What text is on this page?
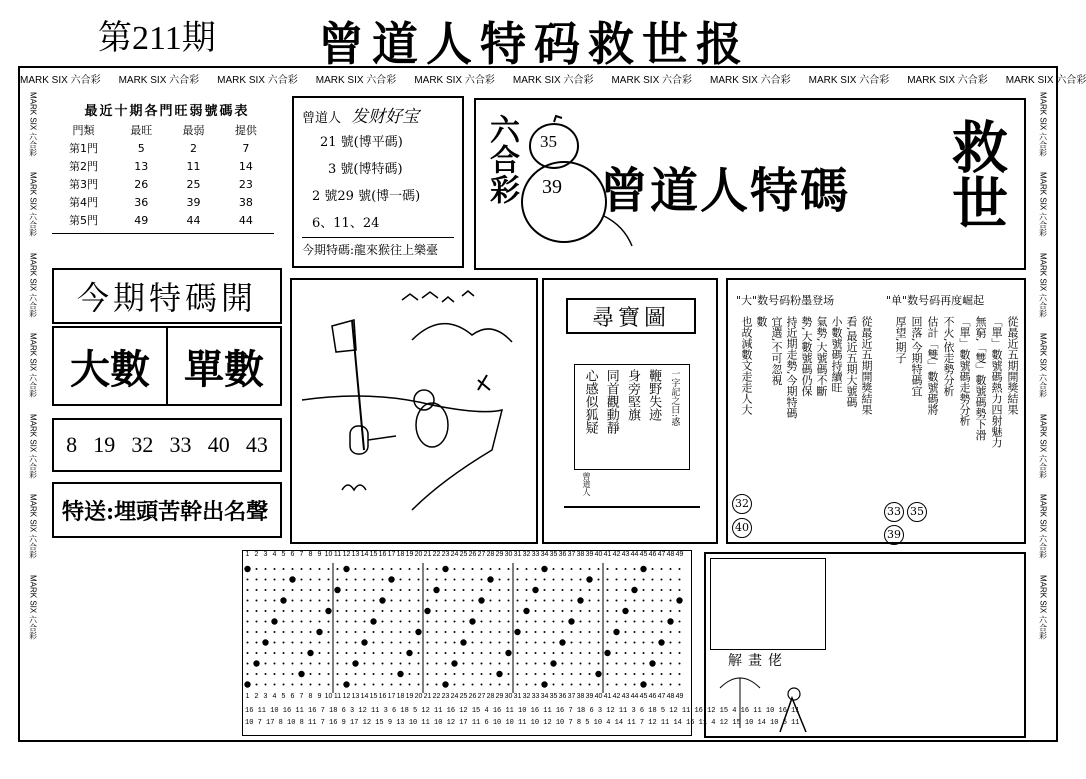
第211期 曾道人特码救世报
MARK SIX 六合彩 MARK SIX 六合彩 MARK SIX 六合彩 MARK SIX 六合彩 MARK SIX 六合彩 MARK SIX 六合彩 MARK SIX 六合彩 MARK SIX 六合彩 MARK SIX 六合彩 MARK SIX 六合彩 MARK SIX 六合彩
MARK SIX 六合彩
MARK SIX 六合彩
MARK SIX 六合彩
MARK SIX 六合彩
MARK SIX 六合彩
MARK SIX 六合彩
MARK SIX 六合彩
MARK SIX 六合彩
MARK SIX 六合彩
MARK SIX 六合彩
MARK SIX 六合彩
MARK SIX 六合彩
MARK SIX 六合彩
MARK SIX 六合彩
最近十期各門旺弱號碼表
門類	最旺	最弱	提供
第1門	5	2	7
第2門	13	11	14
第3門	26	25	23
第4門	36	39	38
第5門	49	44	44
曾道人 发财好宝
21 號(博平碼)
3 號(博特碼)
2 號29 號(博一碼)
6、11、24
今期特碼:龍來猴往上樂臺
六合彩 35
39 曾道人特碼 救世
今期特碼開
大數 單數
8 19 32 33 40 43
特送:埋頭苦幹出名聲
尋寶圖
一字記之曰:惑
鞭野失迹
身旁堅旗
同首觀動靜
心感似狐疑
曾道人
"大"数号码粉墨登场	"单"数号码再度崛起
從最近五期開獎結果
看,最近五期大號碼
小數號碼持續旺
氣勢,大號碼不斷
勢,大數號碼仍保
持近期走勢,今期特碼
宜選,不可忽視
數
也故減數文走走人大	從最近五期開獎結果
「單」數號碼熱力四射魅力
無窮,「雙」數號碼勢下滑
「單」數號碼走勢分析
不火,依走勢分析
估計「雙」數號碼將
回落,今期特碼宜
厚望,期子
32
40
33 35
39
1 2 3 4 5 6 7 8 9 10 11 12 13 14 15 16 17 18 19 20 21 22 23 24 25 26 27 28 29 30 31 32 33 34 35 36 37 38 39 40 41 42 43 44 45 46 47 48 49
1 2 3 4 5 6 7 8 9 10 11 12 13 14 15 16 17 18 19 20 21 22 23 24 25 26 27 28 29 30 31 32 33 34 35 36 37 38 39 40 41 42 43 44 45 46 47 48 49
16 11 10 16 11 16 7 18 6 3 12 11 3 6 18 5 12 11 16 12 15 4 16 11 10 16 11 16 7 18 6 3 12 11 3 6 18 5 12 11 16 12 15 4 16 11 10 16 11
10 7 17 8 10 8 11 7 16 9 17 12 15 9 13 10 11 10 12 17 11 6 10 10 11 10 12 10 7 8 5 10 4 14 11 7 12 11 14 16 11 4 12 15 10 14 10 5 11
解畫佬
